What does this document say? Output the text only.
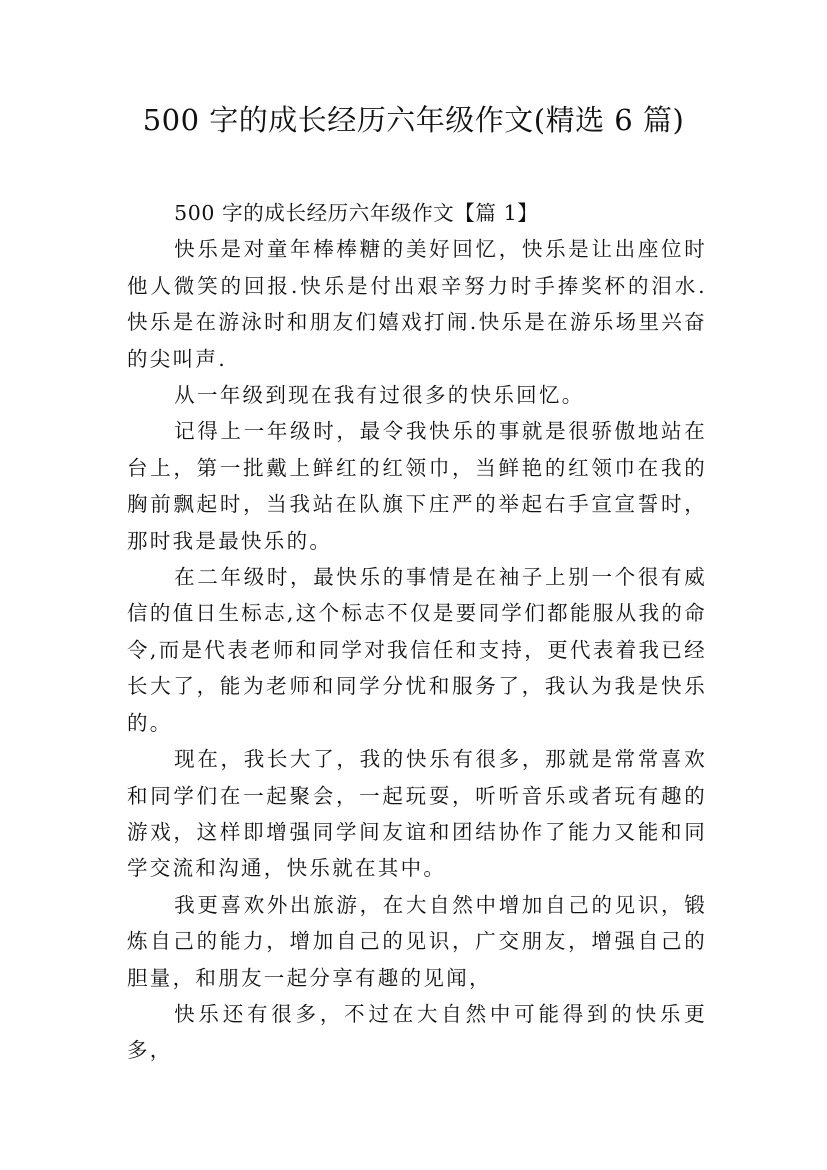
500 字的成长经历六年级作文(精选 6 篇)

500 字的成长经历六年级作文【篇 1】

快乐是对童年棒棒糖的美好回忆，快乐是让出座位时他人微笑的回报.快乐是付出艰辛努力时手捧奖杯的泪水.快乐是在游泳时和朋友们嬉戏打闹.快乐是在游乐场里兴奋的尖叫声.

从一年级到现在我有过很多的快乐回忆。

记得上一年级时，最令我快乐的事就是很骄傲地站在台上，第一批戴上鲜红的红领巾，当鲜艳的红领巾在我的胸前飘起时，当我站在队旗下庄严的举起右手宣宣誓时，那时我是最快乐的。

在二年级时，最快乐的事情是在袖子上别一个很有威信的值日生标志,这个标志不仅是要同学们都能服从我的命令,而是代表老师和同学对我信任和支持，更代表着我已经长大了，能为老师和同学分忧和服务了，我认为我是快乐的。

现在，我长大了，我的快乐有很多，那就是常常喜欢和同学们在一起聚会，一起玩耍，听听音乐或者玩有趣的游戏，这样即增强同学间友谊和团结协作了能力又能和同学交流和沟通，快乐就在其中。

我更喜欢外出旅游，在大自然中增加自己的见识，锻炼自己的能力，增加自己的见识，广交朋友，增强自己的胆量，和朋友一起分享有趣的见闻，

快乐还有很多，不过在大自然中可能得到的快乐更多，
